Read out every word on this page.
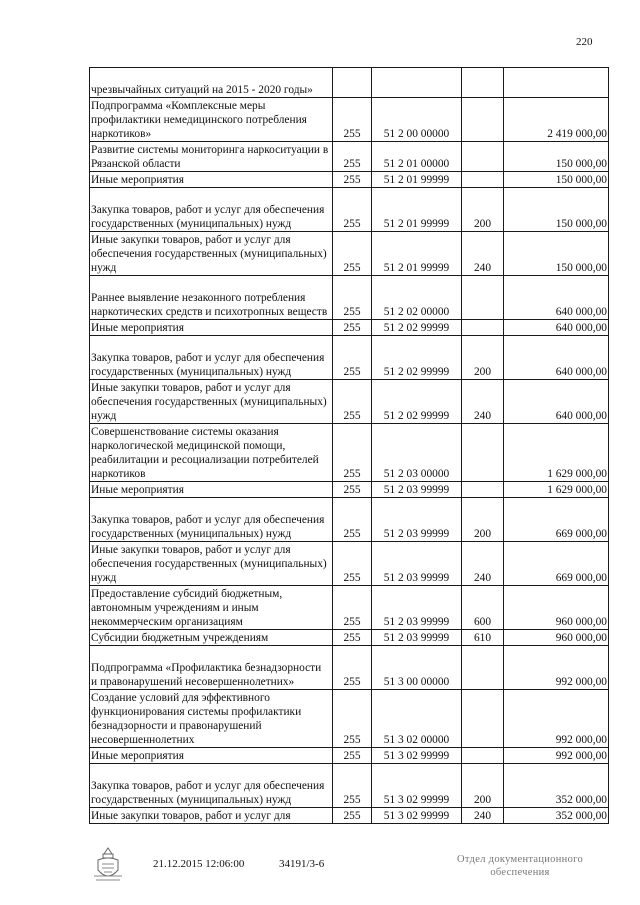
220
чрезвычайных ситуаций на 2015 - 2020 годы»				
Подпрограмма «Комплексные меры профилактики немедицинского потребления наркотиков»	255	51 2 00 00000		2 419 000,00
Развитие системы мониторинга наркоситуации в Рязанской области	255	51 2 01 00000		150 000,00
Иные мероприятия	255	51 2 01 99999		150 000,00
Закупка товаров, работ и услуг для обеспечения государственных (муниципальных) нужд	255	51 2 01 99999	200	150 000,00
Иные закупки товаров, работ и услуг для обеспечения государственных (муниципальных) нужд	255	51 2 01 99999	240	150 000,00
Раннее выявление незаконного потребления наркотических средств и психотропных веществ	255	51 2 02 00000		640 000,00
Иные мероприятия	255	51 2 02 99999		640 000,00
Закупка товаров, работ и услуг для обеспечения государственных (муниципальных) нужд	255	51 2 02 99999	200	640 000,00
Иные закупки товаров, работ и услуг для обеспечения государственных (муниципальных) нужд	255	51 2 02 99999	240	640 000,00
Совершенствование системы оказания наркологической медицинской помощи, реабилитации и ресоциализации потребителей наркотиков	255	51 2 03 00000		1 629 000,00
Иные мероприятия	255	51 2 03 99999		1 629 000,00
Закупка товаров, работ и услуг для обеспечения государственных (муниципальных) нужд	255	51 2 03 99999	200	669 000,00
Иные закупки товаров, работ и услуг для обеспечения государственных (муниципальных) нужд	255	51 2 03 99999	240	669 000,00
Предоставление субсидий бюджетным, автономным учреждениям и иным некоммерческим организациям	255	51 2 03 99999	600	960 000,00
Субсидии бюджетным учреждениям	255	51 2 03 99999	610	960 000,00
Подпрограмма «Профилактика безнадзорности и правонарушений несовершеннолетних»	255	51 3 00 00000		992 000,00
Создание условий для эффективного функционирования системы профилактики безнадзорности и правонарушений несовершеннолетних	255	51 3 02 00000		992 000,00
Иные мероприятия	255	51 3 02 99999		992 000,00
Закупка товаров, работ и услуг для обеспечения государственных (муниципальных) нужд	255	51 3 02 99999	200	352 000,00
Иные закупки товаров, работ и услуг для	255	51 3 02 99999	240	352 000,00
21.12.2015 12:06:00	34191/3-6	Отдел документационного
обеспечения
